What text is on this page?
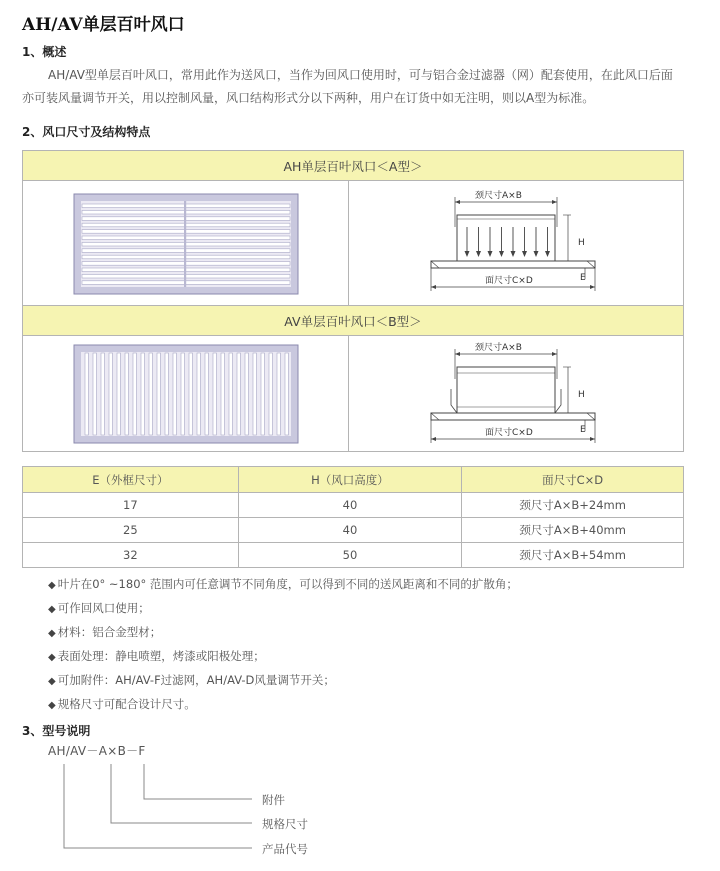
AH/AV单层百叶风口
1、概述
AH/AV型单层百叶风口，常用此作为送风口，当作为回风口使用时，可与铝合金过滤器（网）配套使用，在此风口后面亦可装风量调节开关，用以控制风量，风口结构形式分以下两种，用户在订货中如无注明，则以A型为标准。
2、风口尺寸及结构特点
AH单层百叶风口＜A型＞
AV单层百叶风口＜B型＞
颈尺寸A×B
H
E
面尺寸C×D
颈尺寸A×B
H
E
面尺寸C×D
E（外框尺寸）	H（风口高度）	面尺寸C×D
17	40	颈尺寸A×B+24mm
25	40	颈尺寸A×B+40mm
32	50	颈尺寸A×B+54mm
◆ 叶片在0° ~180° 范围内可任意调节不同角度，可以得到不同的送风距离和不同的扩散角；
◆ 可作回风口使用；
◆ 材料：铝合金型材；
◆ 表面处理：静电喷塑，烤漆或阳极处理；
◆ 可加附件：AH/AV-F过滤网，AH/AV-D风量调节开关；
◆ 规格尺寸可配合设计尺寸。
3、型号说明
AH/AV－A×B－F
附件
规格尺寸
产品代号
